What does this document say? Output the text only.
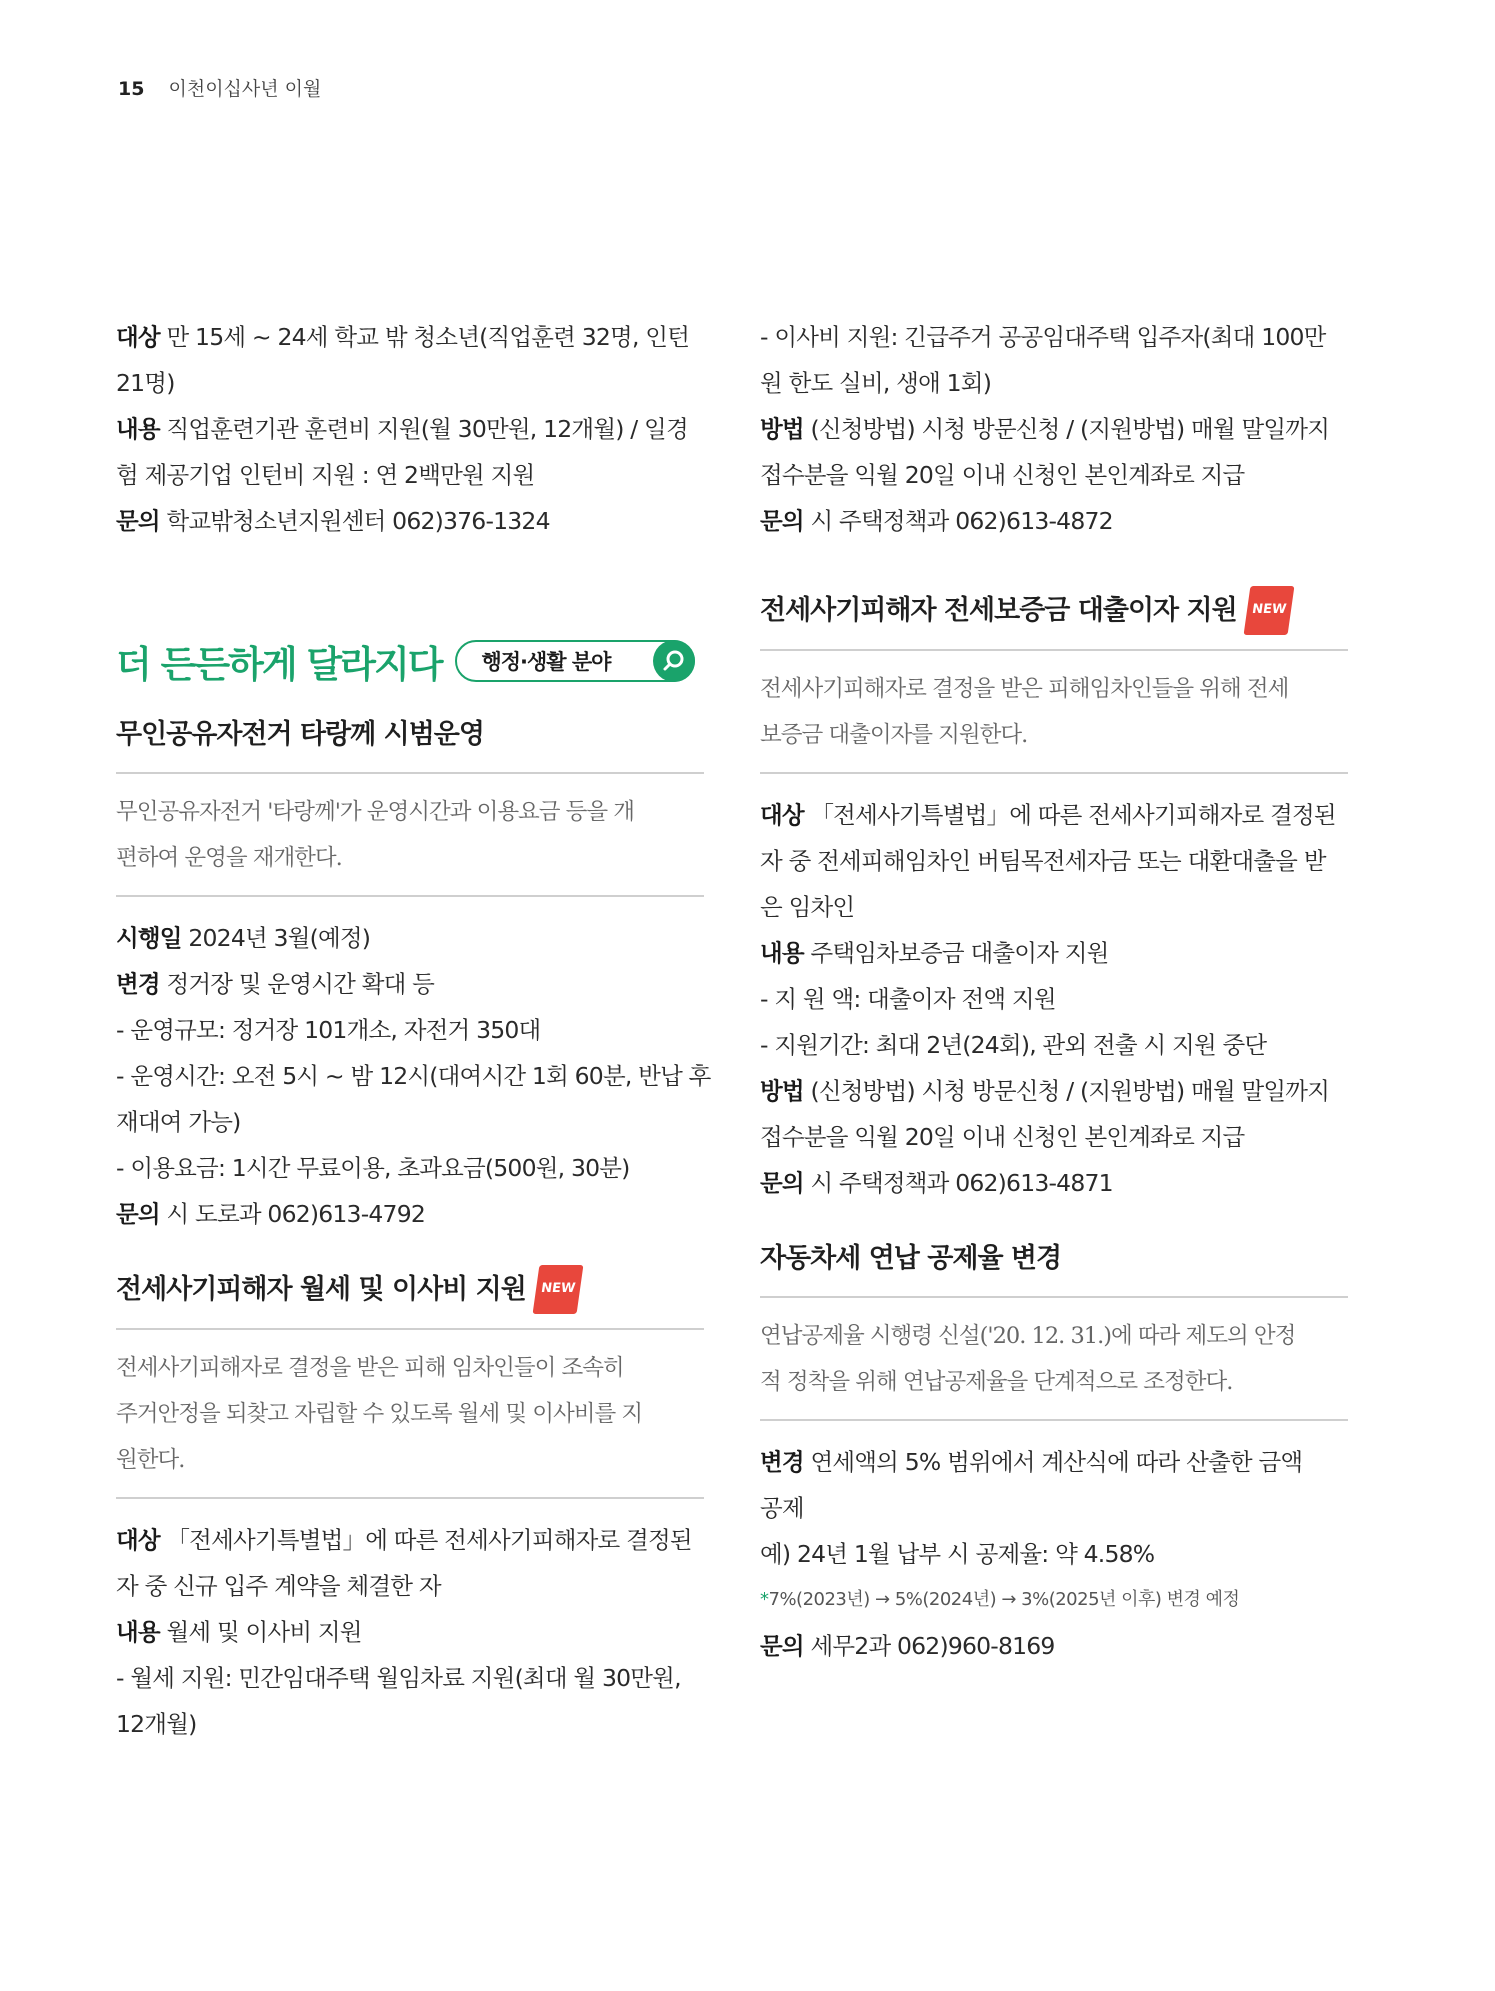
15 이천이십사년 이월
대상 만 15세 ~ 24세 학교 밖 청소년(직업훈련 32명, 인턴
21명)
내용 직업훈련기관 훈련비 지원(월 30만원, 12개월) / 일경
험 제공기업 인턴비 지원 : 연 2백만원 지원
문의 학교밖청소년지원센터 062)376-1324
더 든든하게 달라지다	행정·생활 분야
무인공유자전거 타랑께 시범운영
무인공유자전거 '타랑께'가 운영시간과 이용요금 등을 개
편하여 운영을 재개한다.
시행일 2024년 3월(예정)
변경 정거장 및 운영시간 확대 등
- 운영규모: 정거장 101개소, 자전거 350대
- 운영시간: 오전 5시 ~ 밤 12시(대여시간 1회 60분, 반납 후
재대여 가능)
- 이용요금: 1시간 무료이용, 초과요금(500원, 30분)
문의 시 도로과 062)613-4792
전세사기피해자 월세 및 이사비 지원 NEW
전세사기피해자로 결정을 받은 피해 임차인들이 조속히
주거안정을 되찾고 자립할 수 있도록 월세 및 이사비를 지
원한다.
대상 「전세사기특별법」에 따른 전세사기피해자로 결정된
자 중 신규 입주 계약을 체결한 자
내용 월세 및 이사비 지원
- 월세 지원: 민간임대주택 월임차료 지원(최대 월 30만원,
12개월)
- 이사비 지원: 긴급주거 공공임대주택 입주자(최대 100만
원 한도 실비, 생애 1회)
방법 (신청방법) 시청 방문신청 / (지원방법) 매월 말일까지
접수분을 익월 20일 이내 신청인 본인계좌로 지급
문의 시 주택정책과 062)613-4872
전세사기피해자 전세보증금 대출이자 지원 NEW
전세사기피해자로 결정을 받은 피해임차인들을 위해 전세
보증금 대출이자를 지원한다.
대상 「전세사기특별법」에 따른 전세사기피해자로 결정된
자 중 전세피해임차인 버팀목전세자금 또는 대환대출을 받
은 임차인
내용 주택임차보증금 대출이자 지원
- 지 원 액: 대출이자 전액 지원
- 지원기간: 최대 2년(24회), 관외 전출 시 지원 중단
방법 (신청방법) 시청 방문신청 / (지원방법) 매월 말일까지
접수분을 익월 20일 이내 신청인 본인계좌로 지급
문의 시 주택정책과 062)613-4871
자동차세 연납 공제율 변경
연납공제율 시행령 신설('20. 12. 31.)에 따라 제도의 안정
적 정착을 위해 연납공제율을 단계적으로 조정한다.
변경 연세액의 5% 범위에서 계산식에 따라 산출한 금액
공제
예) 24년 1월 납부 시 공제율: 약 4.58%
*7%(2023년) → 5%(2024년) → 3%(2025년 이후) 변경 예정
문의 세무2과 062)960-8169
